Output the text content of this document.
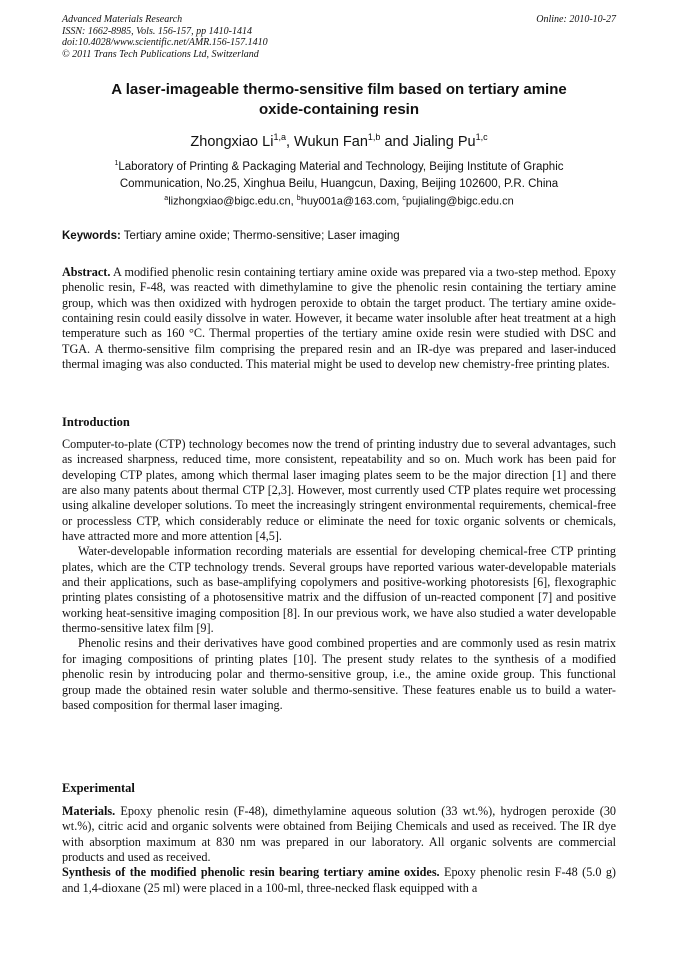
Advanced Materials Research
ISSN: 1662-8985, Vols. 156-157, pp 1410-1414
doi:10.4028/www.scientific.net/AMR.156-157.1410
© 2011 Trans Tech Publications Ltd, Switzerland
Online: 2010-10-27
A laser-imageable thermo-sensitive film based on tertiary amine
oxide-containing resin
Zhongxiao Li$^{1,a}$, Wukun Fan$^{1,b}$ and Jialing Pu$^{1,c}$
$^1$Laboratory of Printing & Packaging Material and Technology, Beijing Institute of Graphic
Communication, No.25, Xinghua Beilu, Huangcun, Daxing, Beijing 102600, P.R. China
$^a$lizhongxiao@bigc.edu.cn, $^b$huy001a@163.com, $^c$pujialing@bigc.edu.cn
Keywords: Tertiary amine oxide; Thermo-sensitive; Laser imaging

Abstract. A modified phenolic resin containing tertiary amine oxide was prepared via a two-step method. Epoxy phenolic resin, F-48, was reacted with dimethylamine to give the phenolic resin containing the tertiary amine group, which was then oxidized with hydrogen peroxide to obtain the target product. The tertiary amine oxide-containing resin could easily dissolve in water. However, it became water insoluble after heat treatment at a high temperature such as 160 °C. Thermal properties of the tertiary amine oxide resin were studied with DSC and TGA. A thermo-sensitive film comprising the prepared resin and an IR-dye was prepared and laser-induced thermal imaging was also conducted. This material might be used to develop new chemistry-free printing plates.

Introduction

Computer-to-plate (CTP) technology becomes now the trend of printing industry due to several advantages, such as increased sharpness, reduced time, more consistent, repeatability and so on. Much work has been paid for developing CTP plates, among which thermal laser imaging plates seem to be the major direction [1] and there are also many patents about thermal CTP [2,3]. However, most currently used CTP plates require wet processing using alkaline developer solutions. To meet the increasingly stringent environmental requirements, chemical-free or processless CTP, which considerably reduce or eliminate the need for toxic organic solvents or chemicals, have attracted more and more attention [4,5].

Water-developable information recording materials are essential for developing chemical-free CTP printing plates, which are the CTP technology trends. Several groups have reported various water-developable materials and their applications, such as base-amplifying copolymers and positive-working photoresists [6], flexographic printing plates consisting of a photosensitive matrix and the diffusion of un-reacted component [7] and positive working heat-sensitive imaging composition [8]. In our previous work, we have also studied a water developable thermo-sensitive latex film [9].

Phenolic resins and their derivatives have good combined properties and are commonly used as resin matrix for imaging compositions of printing plates [10]. The present study relates to the synthesis of a modified phenolic resin by introducing polar and thermo-sensitive group, i.e., the amine oxide group. This functional group made the obtained resin water soluble and thermo-sensitive. These features enable us to build a water-based composition for thermal laser imaging.

Experimental

Materials. Epoxy phenolic resin (F-48), dimethylamine aqueous solution (33 wt.%), hydrogen peroxide (30 wt.%), citric acid and organic solvents were obtained from Beijing Chemicals and used as received. The IR dye with absorption maximum at 830 nm was prepared in our laboratory. All organic solvents are commercial products and used as received.

Synthesis of the modified phenolic resin bearing tertiary amine oxides. Epoxy phenolic resin F-48 (5.0 g) and 1,4-dioxane (25 ml) were placed in a 100-ml, three-necked flask equipped with a
